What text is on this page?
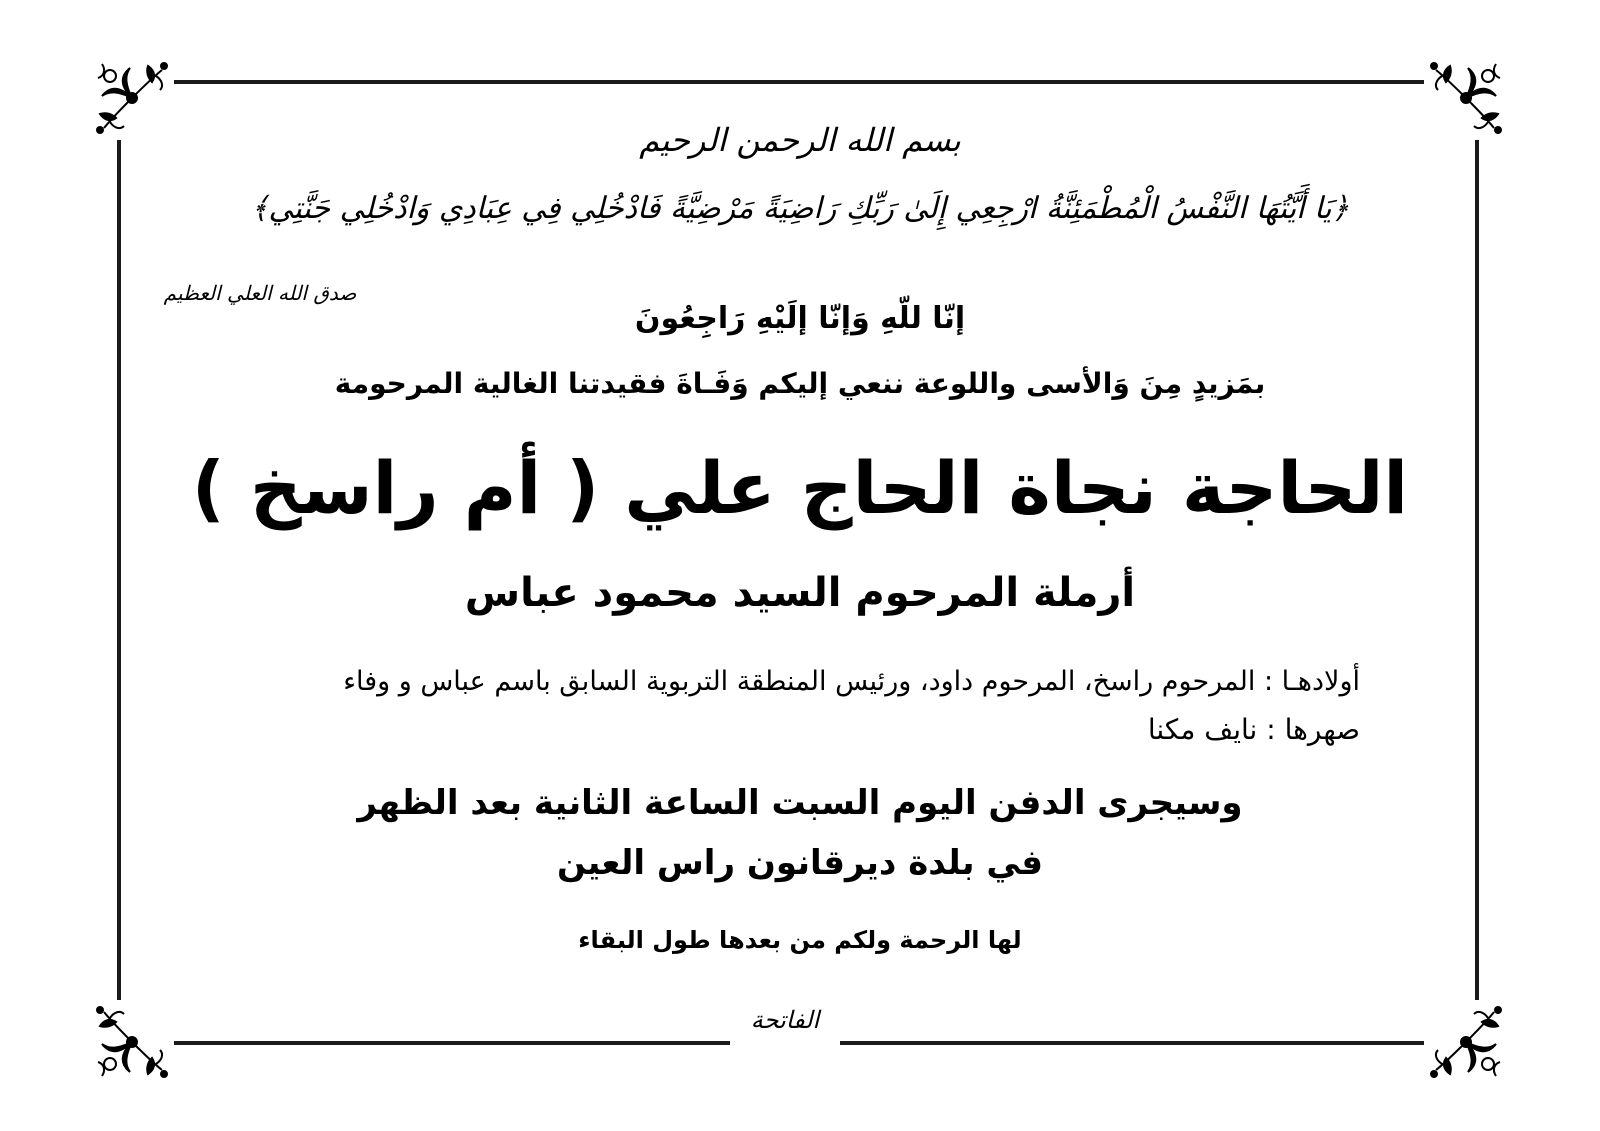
بسم الله الرحمن الرحيم
﴿يَا أَيَّتُهَا النَّفْسُ الْمُطْمَئِنَّةُ ارْجِعِي إِلَىٰ رَبِّكِ رَاضِيَةً مَرْضِيَّةً فَادْخُلِي فِي عِبَادِي وَادْخُلِي جَنَّتِي﴾
صدق الله العلي العظيم
إنّا للّهِ وَإنّا إلَيْهِ رَاجِعُونَ
بمَزيدٍ مِنَ وَالأسى واللوعة ننعي إليكم وَفَـاةَ فقيدتنا الغالية المرحومة
الحاجة نجاة الحاج علي ( أم راسخ )
أرملة المرحوم السيد محمود عباس
أولادهـا : المرحوم راسخ، المرحوم داود، ورئيس المنطقة التربوية السابق باسم عباس و وفاء
صهرها : نايف مكنا
وسيجرى الدفن اليوم السبت الساعة الثانية بعد الظهر
في بلدة ديرقانون راس العين
لها الرحمة ولكم من بعدها طول البقاء
الفاتحة
